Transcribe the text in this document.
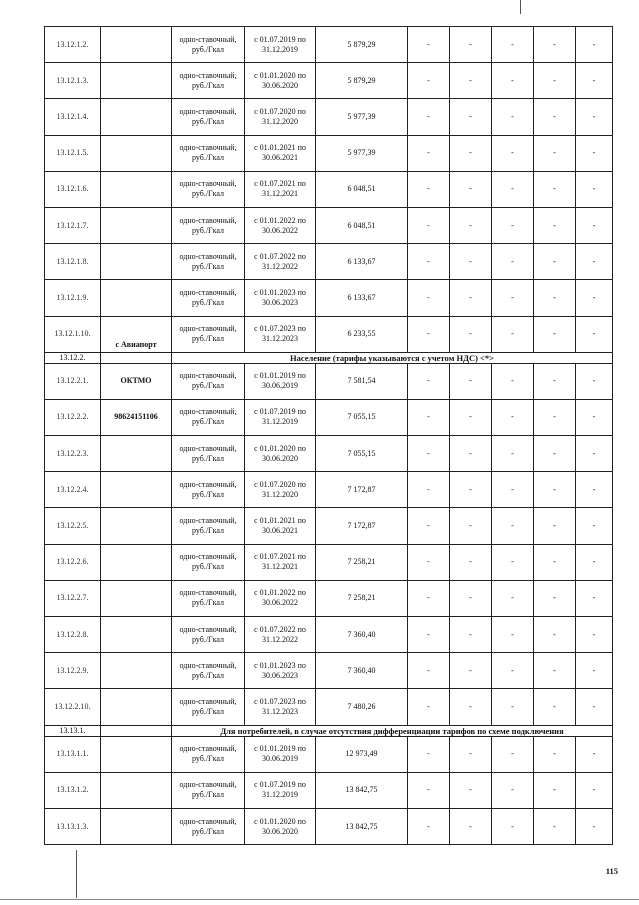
13.12.1.2.		одно-ставочный, руб./Гкал	с 01.07.2019 по 31.12.2019	5 879,29	-	-	-	-	-
13.12.1.3.		одно-ставочный, руб./Гкал	с 01.01.2020 по 30.06.2020	5 879,29	-	-	-	-	-
13.12.1.4.		одно-ставочный, руб./Гкал	с 01.07.2020 по 31.12.2020	5 977,39	-	-	-	-	-
13.12.1.5.		одно-ставочный, руб./Гкал	с 01.01.2021 по 30.06.2021	5 977,39	-	-	-	-	-
13.12.1.6.		одно-ставочный, руб./Гкал	с 01.07.2021 по 31.12.2021	6 048,51	-	-	-	-	-
13.12.1.7.		одно-ставочный, руб./Гкал	с 01.01.2022 по 30.06.2022	6 048,51	-	-	-	-	-
13.12.1.8.		одно-ставочный, руб./Гкал	с 01.07.2022 по 31.12.2022	6 133,67	-	-	-	-	-
13.12.1.9.		одно-ставочный, руб./Гкал	с 01.01.2023 по 30.06.2023	6 133,67	-	-	-	-	-
13.12.1.10.	с Авиапорт	одно-ставочный, руб./Гкал	с 01.07.2023 по 31.12.2023	6 233,55	-	-	-	-	-
13.12.2.		Население (тарифы указываются с учетом НДС) <*>							
13.12.2.1.	ОКТМО	одно-ставочный, руб./Гкал	с 01.01.2019 по 30.06.2019	7 581,54	-	-	-	-	-
13.12.2.2.	98624151106	одно-ставочный, руб./Гкал	с 01.07.2019 по 31.12.2019	7 055,15	-	-	-	-	-
13.12.2.3.		одно-ставочный, руб./Гкал	с 01.01.2020 по 30.06.2020	7 055,15	-	-	-	-	-
13.12.2.4.		одно-ставочный, руб./Гкал	с 01.07.2020 по 31.12.2020	7 172,87	-	-	-	-	-
13.12.2.5.		одно-ставочный, руб./Гкал	с 01.01.2021 по 30.06.2021	7 172,87	-	-	-	-	-
13.12.2.6.		одно-ставочный, руб./Гкал	с 01.07.2021 по 31.12.2021	7 258,21	-	-	-	-	-
13.12.2.7.		одно-ставочный, руб./Гкал	с 01.01.2022 по 30.06.2022	7 258,21	-	-	-	-	-
13.12.2.8.		одно-ставочный, руб./Гкал	с 01.07.2022 по 31.12.2022	7 360,40	-	-	-	-	-
13.12.2.9.		одно-ставочный, руб./Гкал	с 01.01.2023 по 30.06.2023	7 360,40	-	-	-	-	-
13.12.2.10.		одно-ставочный, руб./Гкал	с 01.07.2023 по 31.12.2023	7 480,26	-	-	-	-	-
13.13.1.		Для потребителей, в случае отсутствия дифференциации тарифов по схеме подключения							
13.13.1.1.		одно-ставочный, руб./Гкал	с 01.01.2019 по 30.06.2019	12 973,49	-	-	-	-	-
13.13.1.2.		одно-ставочный, руб./Гкал	с 01.07.2019 по 31.12.2019	13 842,75	-	-	-	-	-
13.13.1.3.		одно-ставочный, руб./Гкал	с 01.01.2020 по 30.06.2020	13 842,75	-	-	-	-	-
115
